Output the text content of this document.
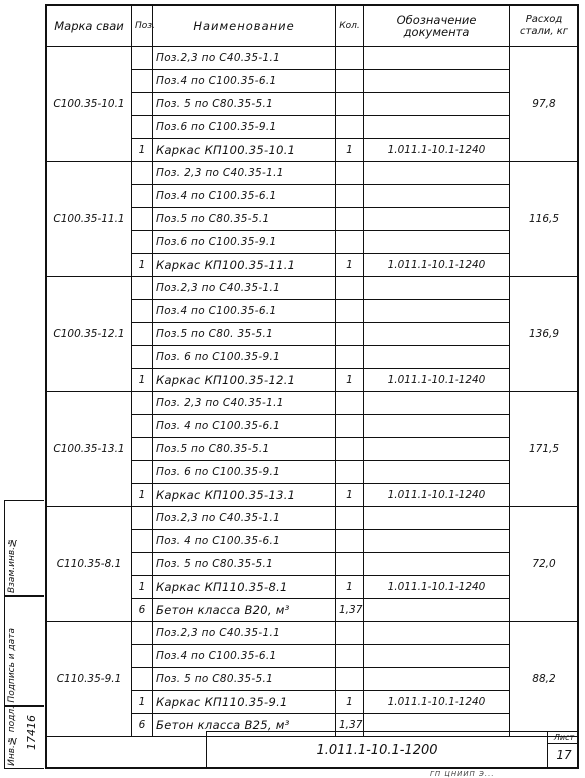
Марка сваи	Поз.	Наименование	Кол.	Обозначение документа	Расход стали, кг
С100.35-10.1		Поз.2,3 по С40.35-1.1			97,8
		Поз.4 по С100.35-6.1			
		Поз. 5 по С80.35-5.1			
		Поз.6 по С100.35-9.1			
	1	Каркас КП100.35-10.1	1	1.011.1-10.1-1240	
С100.35-11.1		Поз. 2,3 по С40.35-1.1			116,5
		Поз.4 по С100.35-6.1			
		Поз.5 по С80.35-5.1			
		Поз.6 по С100.35-9.1			
	1	Каркас КП100.35-11.1	1	1.011.1-10.1-1240	
С100.35-12.1		Поз.2,3 по С40.35-1.1			136,9
		Поз.4 по С100.35-6.1			
		Поз.5 по С80. 35-5.1			
		Поз. 6 по С100.35-9.1			
	1	Каркас КП100.35-12.1	1	1.011.1-10.1-1240	
С100.35-13.1		Поз. 2,3 по С40.35-1.1			171,5
		Поз. 4 по С100.35-6.1			
		Поз.5 по С80.35-5.1			
		Поз. 6 по С100.35-9.1			
	1	Каркас КП100.35-13.1	1	1.011.1-10.1-1240	
С110.35-8.1		Поз.2,3 по С40.35-1.1			72,0
		Поз. 4 по С100.35-6.1			
		Поз. 5 по С80.35-5.1			
	1	Каркас КП110.35-8.1	1	1.011.1-10.1-1240	
	6	Бетон класса В20, м³	1,37		
С110.35-9.1		Поз.2,3 по С40.35-1.1			88,2
		Поз.4 по С100.35-6.1			
		Поз. 5 по С80.35-5.1			
	1	Каркас КП110.35-9.1	1	1.011.1-10.1-1240	
	6	Бетон класса В25, м³	1,37		
Взам.инв.№
Подпись и дата
Инв.№ подл. 17416
1.011.1-10.1-1200
Лист
17
ГП ЦНИИП Э...
